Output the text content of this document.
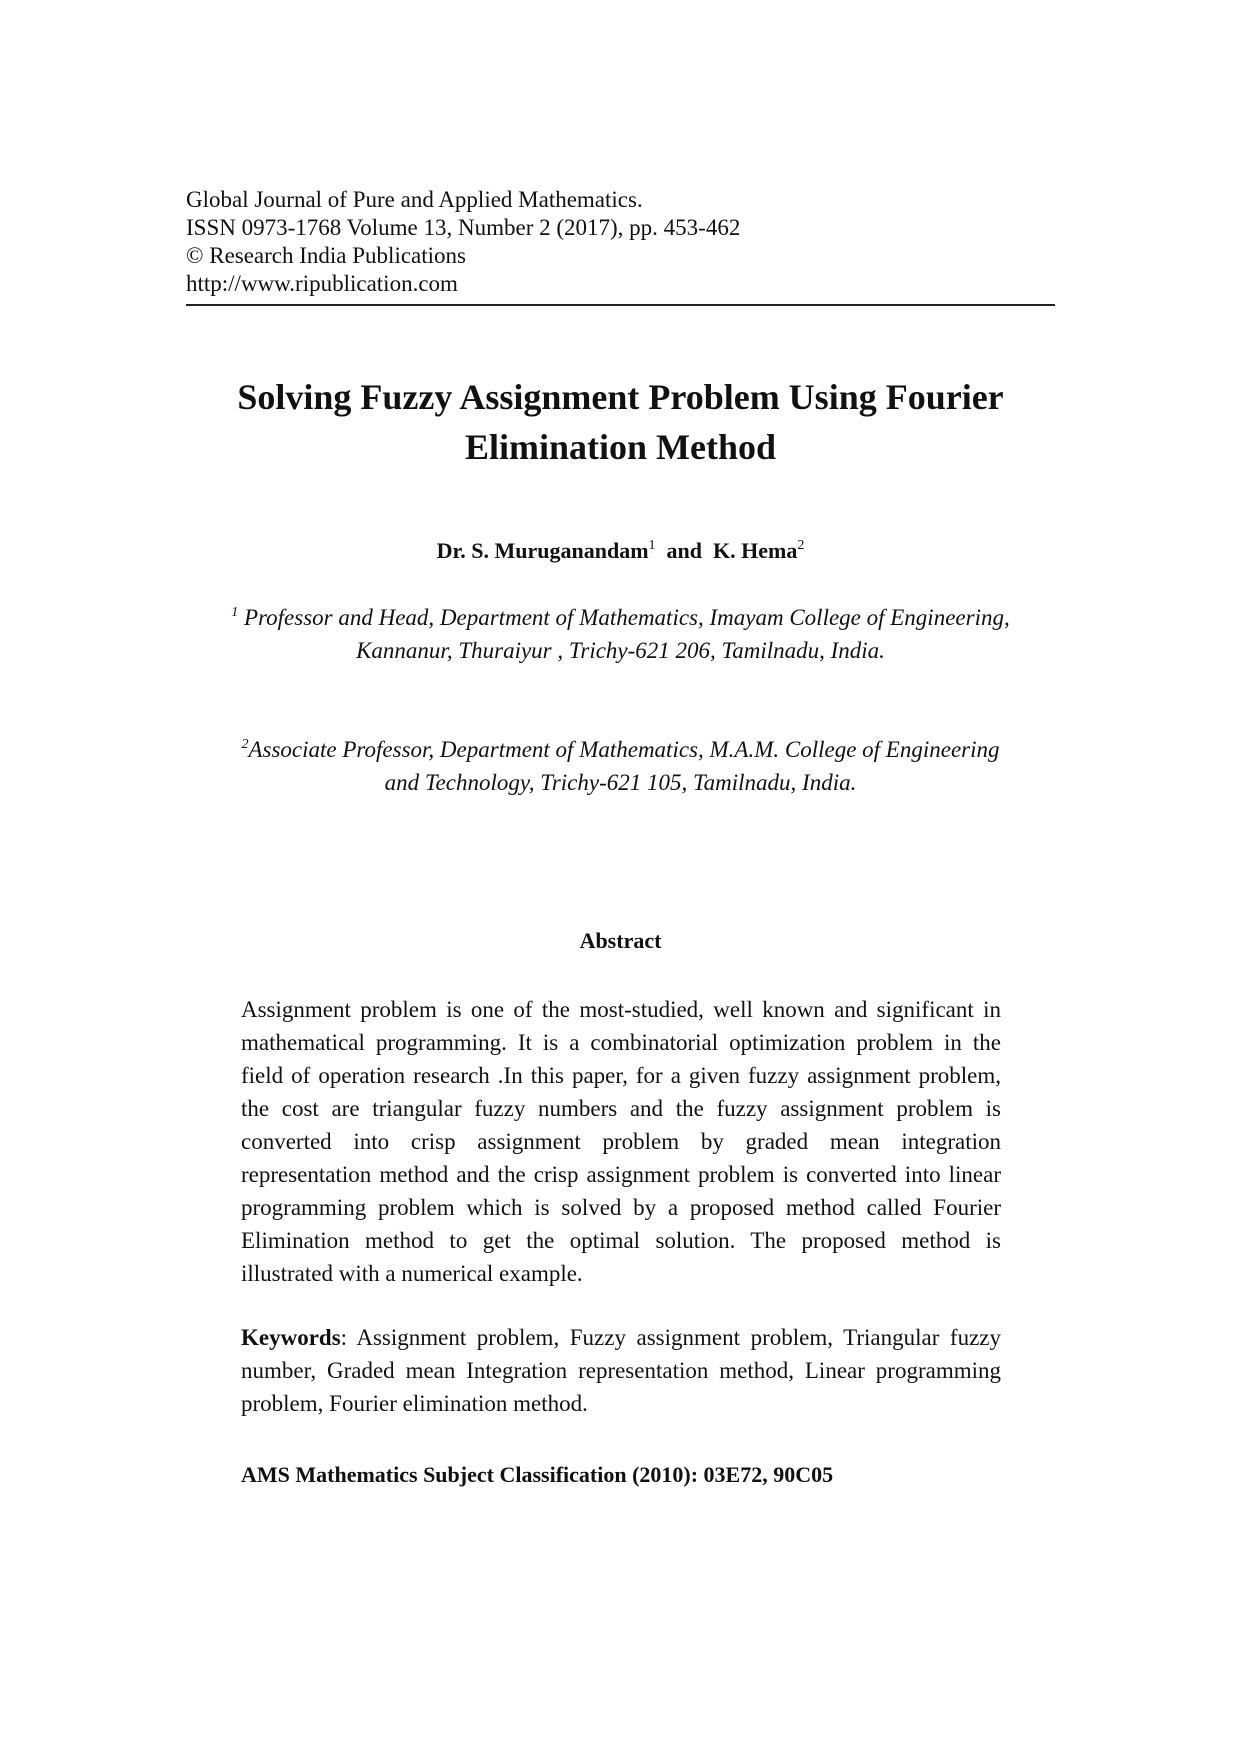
Global Journal of Pure and Applied Mathematics.
ISSN 0973-1768 Volume 13, Number 2 (2017), pp. 453-462
© Research India Publications
http://www.ripublication.com
Solving Fuzzy Assignment Problem Using Fourier
Elimination Method
Dr. S. Muruganandam$^1$ and K. Hema$^2$
$^1$ Professor and Head, Department of Mathematics, Imayam College of Engineering,
Kannanur, Thuraiyur , Trichy-621 206, Tamilnadu, India.
$^2$Associate Professor, Department of Mathematics, M.A.M. College of Engineering
and Technology, Trichy-621 105, Tamilnadu, India.
Abstract
Assignment problem is one of the most-studied, well known and significant in mathematical programming. It is a combinatorial optimization problem in the field of operation research .In this paper, for a given fuzzy assignment problem, the cost are triangular fuzzy numbers and the fuzzy assignment problem is converted into crisp assignment problem by graded mean integration representation method and the crisp assignment problem is converted into linear programming problem which is solved by a proposed method called Fourier Elimination method to get the optimal solution. The proposed method is illustrated with a numerical example.
Keywords: Assignment problem, Fuzzy assignment problem, Triangular fuzzy number, Graded mean Integration representation method, Linear programming problem, Fourier elimination method.
AMS Mathematics Subject Classification (2010): 03E72, 90C05
